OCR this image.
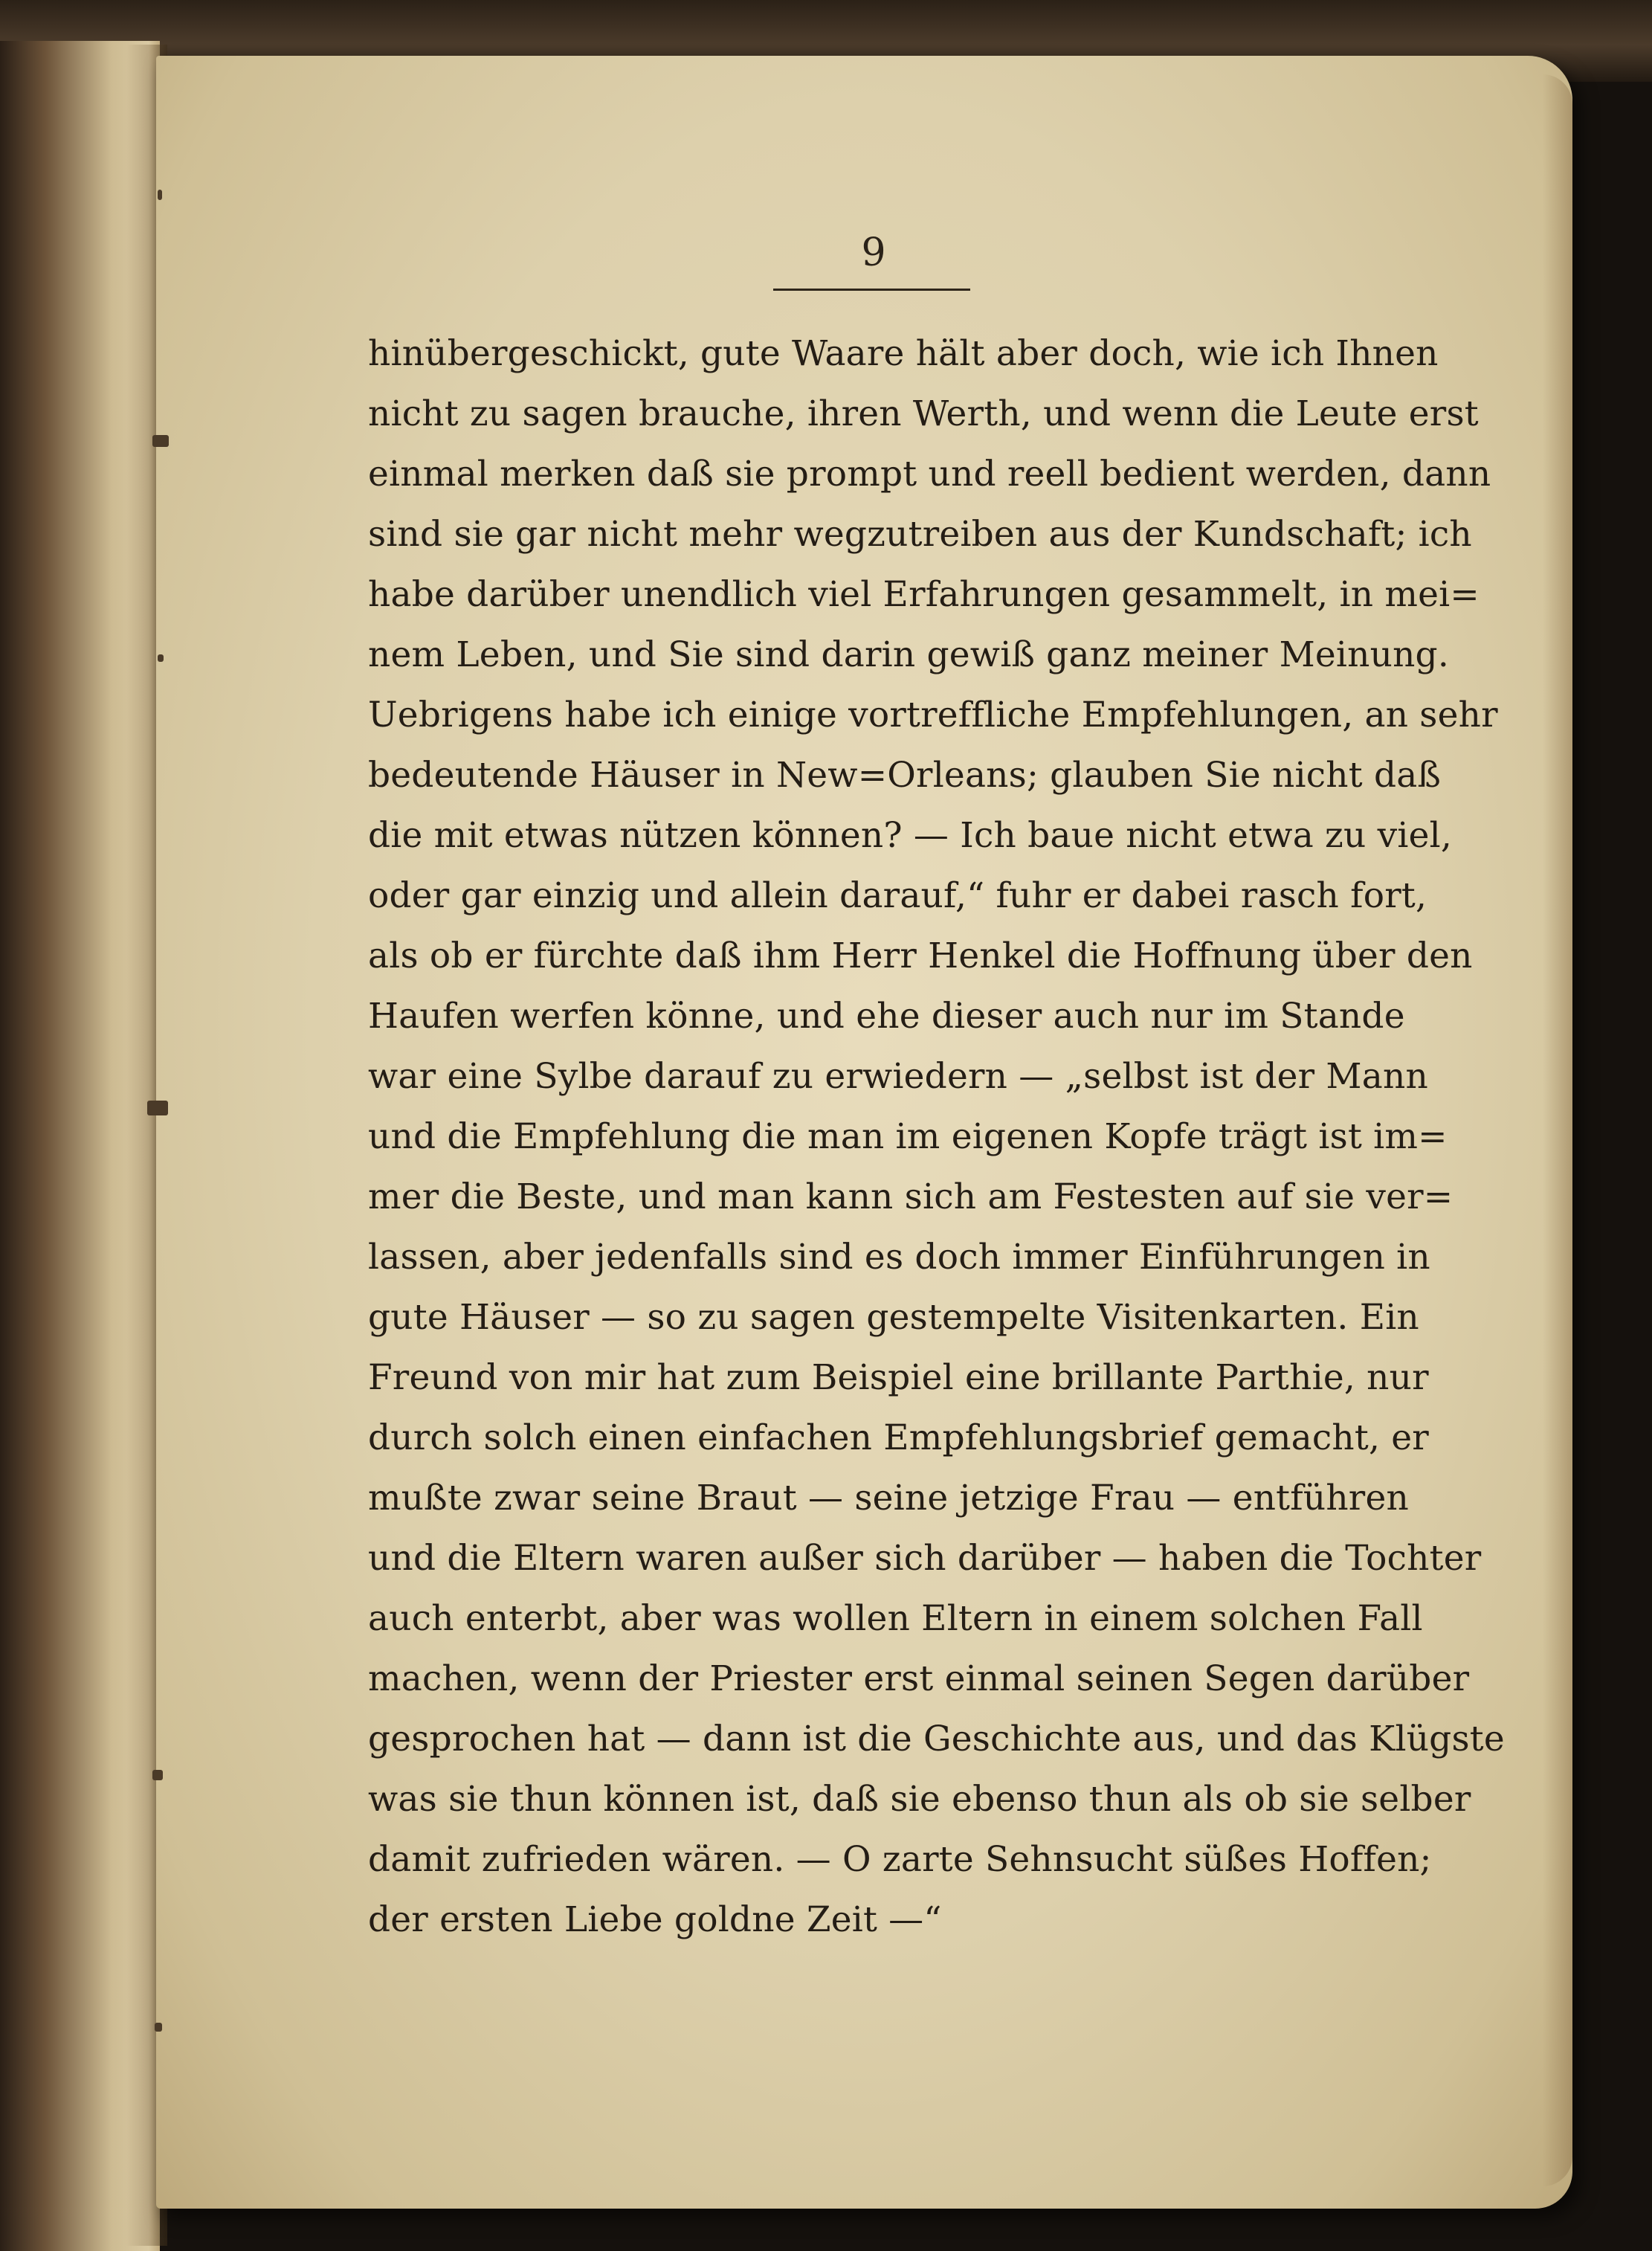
9
hinübergeschickt, gute Waare hält aber doch, wie ich Ihnen
nicht zu sagen brauche, ihren Werth, und wenn die Leute erst
einmal merken daß sie prompt und reell bedient werden, dann
sind sie gar nicht mehr wegzutreiben aus der Kundschaft; ich
habe darüber unendlich viel Erfahrungen gesammelt, in mei=
nem Leben, und Sie sind darin gewiß ganz meiner Meinung.
Uebrigens habe ich einige vortreffliche Empfehlungen, an sehr
bedeutende Häuser in New=Orleans; glauben Sie nicht daß
die mit etwas nützen können? — Ich baue nicht etwa zu viel,
oder gar einzig und allein darauf,“ fuhr er dabei rasch fort,
als ob er fürchte daß ihm Herr Henkel die Hoffnung über den
Haufen werfen könne, und ehe dieser auch nur im Stande
war eine Sylbe darauf zu erwiedern — „selbst ist der Mann
und die Empfehlung die man im eigenen Kopfe trägt ist im=
mer die Beste, und man kann sich am Festesten auf sie ver=
lassen, aber jedenfalls sind es doch immer Einführungen in
gute Häuser — so zu sagen gestempelte Visitenkarten. Ein
Freund von mir hat zum Beispiel eine brillante Parthie, nur
durch solch einen einfachen Empfehlungsbrief gemacht, er
mußte zwar seine Braut — seine jetzige Frau — entführen
und die Eltern waren außer sich darüber — haben die Tochter
auch enterbt, aber was wollen Eltern in einem solchen Fall
machen, wenn der Priester erst einmal seinen Segen darüber
gesprochen hat — dann ist die Geschichte aus, und das Klügste
was sie thun können ist, daß sie ebenso thun als ob sie selber
damit zufrieden wären. — O zarte Sehnsucht süßes Hoffen;
der ersten Liebe goldne Zeit —“
